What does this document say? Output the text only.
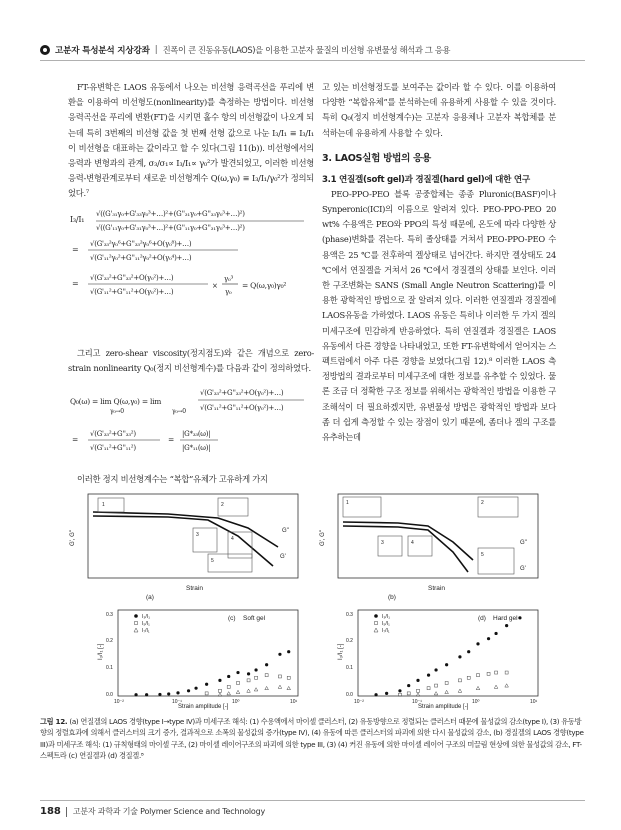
고분자 특성분석 지상강좌 | 진폭이 큰 진동유동(LAOS)을 이용한 고분자 물질의 비선형 유변물성 해석과 그 응용

FT-유변학은 LAOS 유동에서 나오는 비선형 응력곡선을 푸리에 변환을 이용하여 비선형도(nonlinearity)를 측정하는 방법이다. 비선형 응력곡선을 푸리에 변환(FT)을 시키면 홀수 항의 비선형값이 나오게 되는데 특히 3번째의 비선형 값을 첫 번째 선형 값으로 나눈 I₃/I₁ ≡ I₃/I₁이 비선형을 대표하는 값이라고 할 수 있다(그림 11(b)). 비선형에서의 응력과 변형과의 관계, σ₃/σ₁∝ I₃/I₁∝ γ₀²가 발견되었고, 이러한 비선형 응력-변형관계로부터 새로운 비선형계수 Q(ω,γ₀) ≡ I₃/I₁/γ₀²가 정의되었다.⁷

I₃/I₁
√((G'₃₁γ₀+G'₃₃γ₀³+…)²+(G''₃₁γ₀+G''₃₃γ₀³+…)²)
√((G'₁₁γ₀+G'₃₁γ₀³+…)²+(G''₁₁γ₀+G''₃₁γ₀³+…)²)
=
√(G'₃₃²γ₀⁶+G''₃₃²γ₀⁶+O(γ₀⁸)+…)
√(G'₁₁²γ₀²+G''₁₁²γ₀²+O(γ₀⁴)+…)
=
√(G'₃₃²+G''₃₃²+O(γ₀²)+…)
√(G'₁₁²+G''₁₁²+O(γ₀²)+…)
×
γ₀³
γ₀
= Q(ω,γ₀)γ₀²

그리고 zero-shear viscosity(정지점도)와 같은 개념으로 zero-strain nonlinearity Q₀(정지 비선형계수)를 다음과 같이 정의하였다.

Q₀(ω) = lim Q(ω,γ₀) = lim
γ₀→0	γ₀→0
√(G'₃₃²+G''₃₃²+O(γ₀²)+…)
√(G'₁₁²+G''₁₁²+O(γ₀²)+…)
=
√(G'₃₃²+G''₃₃²)
√(G'₁₁²+G''₁₁²)
=
|G*₃₃(ω)|
|G*₁₁(ω)|

이러한 정지 비선형계수는 “복합”유체가 고유하게 가지

고 있는 비선형정도를 보여주는 값이라 할 수 있다. 이를 이용하여 다양한 “복합유체”를 분석하는데 유용하게 사용할 수 있을 것이다. 특히 Q₀(정지 비선형계수)는 고분자 응용체나 고분자 복합체를 분석하는데 유용하게 사용할 수 있다.

3. LAOS실험 방법의 응용
3.1 연질겔(soft gel)과 경질겔(hard gel)에 대한 연구

PEO-PPO-PEO 블록 공중합체는 종종 Pluronic(BASF)이나 Synperonic(ICI)의 이름으로 알려져 있다. PEO-PPO-PEO 20 wt% 수용액은 PEO와 PPO의 특성 때문에, 온도에 따라 다양한 상(phase)변화를 겪는다. 특히 졸상태를 거쳐서 PEO-PPO-PEO 수용액은 25 ℃를 전후하여 겔상태로 넘어간다. 하지만 겔상태도 24 ℃에서 연질겔을 거쳐서 26 ℃에서 경질겔의 상태를 보인다. 이러한 구조변화는 SANS (Small Angle Neutron Scattering)를 이용한 광학적인 방법으로 잘 알려져 있다. 이러한 연질겔과 경질겔에 LAOS유동을 가하였다. LAOS 유동은 특히나 이러한 두 가지 겔의 미세구조에 민감하게 반응하였다. 특히 연질겔과 경질겔은 LAOS 유동에서 다른 경향을 나타내었고, 또한 FT-유변학에서 얻어지는 스펙트럼에서 아주 다른 경향을 보였다(그림 12).⁸ 이러한 LAOS 측정방법의 결과로부터 미세구조에 대한 정보를 유추할 수 있었다. 물론 조금 더 정확한 구조 정보를 위해서는 광학적인 방법을 이용한 구조해석이 더 필요하겠지만, 유변물성 방법은 광학적인 방법과 보다 좀 더 쉽게 측정할 수 있는 장점이 있기 때문에, 좀더나 겔의 구조를 유추하는데

G', G''
Strain
(a)
G''
G'
1	2
3
4
5
G', G''
Strain
(b)
G''
G'
1	2
3	4
5
I₃/I₁ [-]	I₃/I₁ [-]
Strain amplitude [-]	Strain amplitude [-]
(c) Soft gel	(d) Hard gel
I₃/I₁
I₅/I₁
I₇/I₁
I₃/I₁
I₅/I₁
I₇/I₁
0.3
0.2
0.1
0.0
0.3
0.2
0.1
0.0
10⁻²	10⁻¹	10⁰	10¹	10⁻²	10⁻¹	10⁰	10¹
그림 12. (a) 연질겔의 LAOS 경향(type I→type IV)과 미세구조 해석: (1) 수용액에서 마이셀 클러스터, (2) 유동방향으로 정렬되는 클러스터 때문에 물성값의 감소(type I), (3) 유동방향의 정렬효과에 의해서 클러스터의 크기 증가, 결과적으로 소폭의 물성값의 증가(type IV), (4) 유동에 따른 클러스터의 파괴에 의한 다시 물성값의 감소, (b) 경질겔의 LAOS 경향(type III)과 미세구조 해석: (1) 규칙형태의 마이셀 구조, (2) 마이셀 레이어구조의 파괴에 의한 type III, (3) (4) 커진 유동에 의한 마이셀 레이어 구조의 미끌림 현상에 의한 물성값의 감소, FT-스펙트라 (c) 연질겔과 (d) 경질겔.⁸
188 고분자 과학과 기술 Polymer Science and Technology
